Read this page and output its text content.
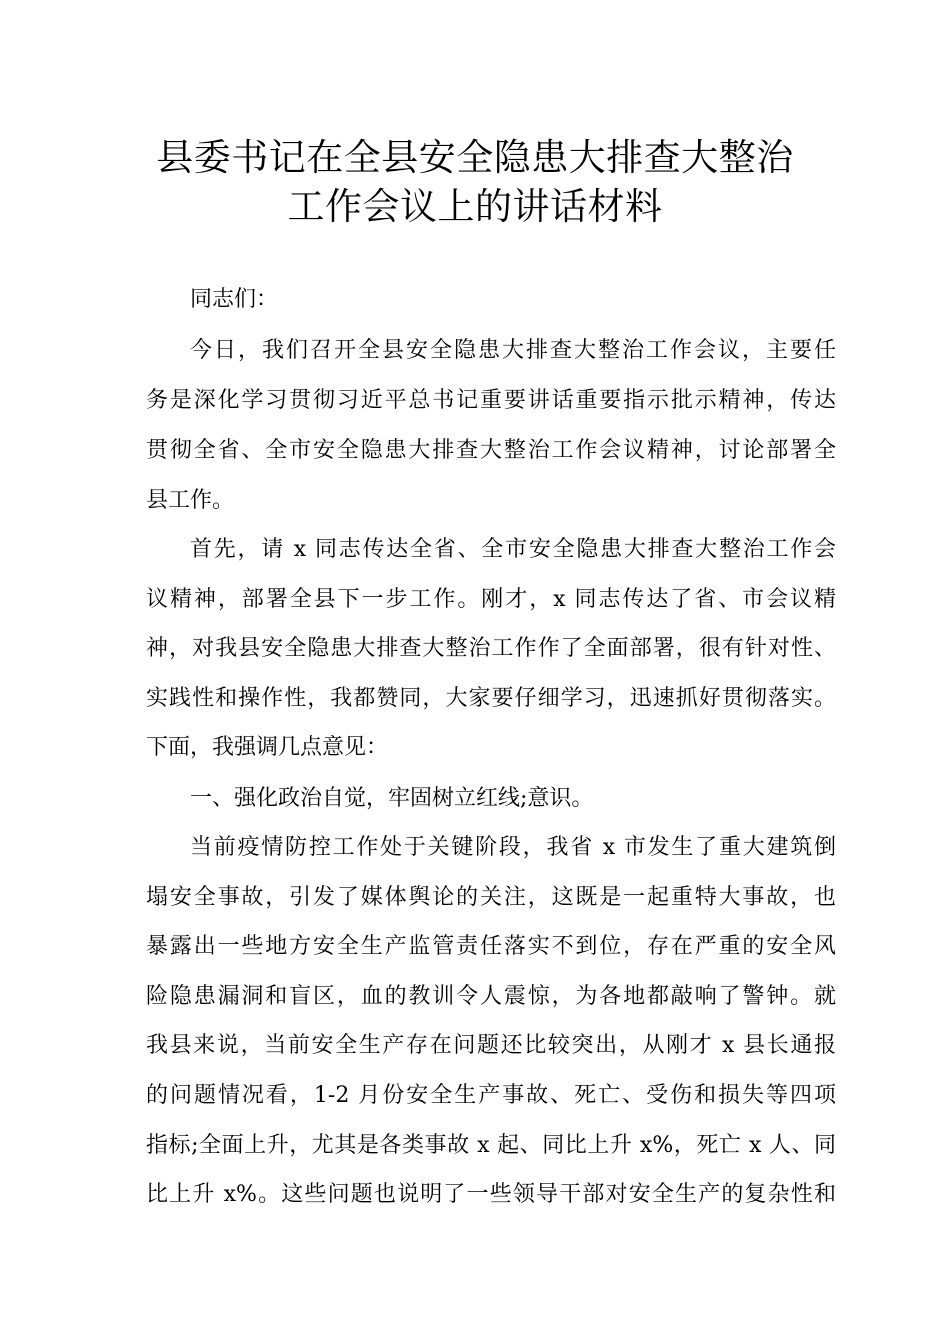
县委书记在全县安全隐患大排查大整治
工作会议上的讲话材料
同志们：
今日，我们召开全县安全隐患大排查大整治工作会议，主要任
务是深化学习贯彻习近平总书记重要讲话重要指示批示精神，传达
贯彻全省、全市安全隐患大排查大整治工作会议精神，讨论部署全
县工作。
首先，请 x 同志传达全省、全市安全隐患大排查大整治工作会
议精神，部署全县下一步工作。刚才，x 同志传达了省、市会议精
神，对我县安全隐患大排查大整治工作作了全面部署，很有针对性、
实践性和操作性，我都赞同，大家要仔细学习，迅速抓好贯彻落实。
下面，我强调几点意见：
一、强化政治自觉，牢固树立红线;意识。
当前疫情防控工作处于关键阶段，我省 x 市发生了重大建筑倒
塌安全事故，引发了媒体舆论的关注，这既是一起重特大事故，也
暴露出一些地方安全生产监管责任落实不到位，存在严重的安全风
险隐患漏洞和盲区，血的教训令人震惊，为各地都敲响了警钟。就
我县来说，当前安全生产存在问题还比较突出，从刚才 x 县长通报
的问题情况看，1-2 月份安全生产事故、死亡、受伤和损失等四项
指标;全面上升，尤其是各类事故 x 起、同比上升 x%，死亡 x 人、同
比上升 x%。这些问题也说明了一些领导干部对安全生产的复杂性和
